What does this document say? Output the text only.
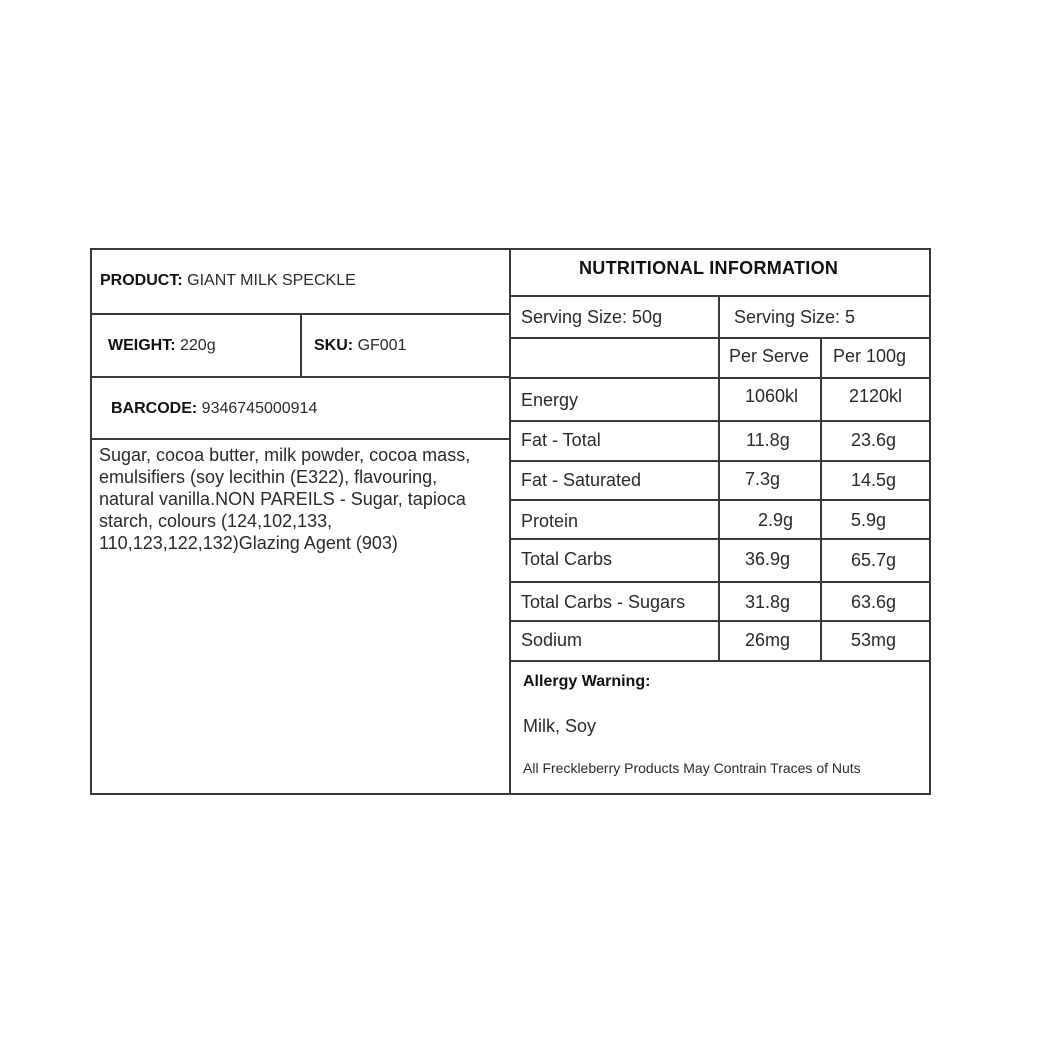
PRODUCT: GIANT MILK SPECKLE
WEIGHT: 220g	SKU: GF001
BARCODE: 9346745000914
Sugar, cocoa butter, milk powder, cocoa mass, emulsifiers (soy lecithin (E322), flavouring, natural vanilla.NON PAREILS - Sugar, tapioca starch, colours (124,102,133, 110,123,122,132)Glazing Agent (903)
NUTRITIONAL INFORMATION
Serving Size: 50g	Serving Size: 5
Per Serve Per 100g
Energy	1060kl	2120kl
Fat - Total	11.8g	23.6g
Fat - Saturated	7.3g	14.5g
Protein	2.9g	5.9g
Total Carbs	36.9g	65.7g
Total Carbs - Sugars	31.8g	63.6g
Sodium	26mg	53mg
Allergy Warning:
Milk, Soy
All Freckleberry Products May Contrain Traces of Nuts
